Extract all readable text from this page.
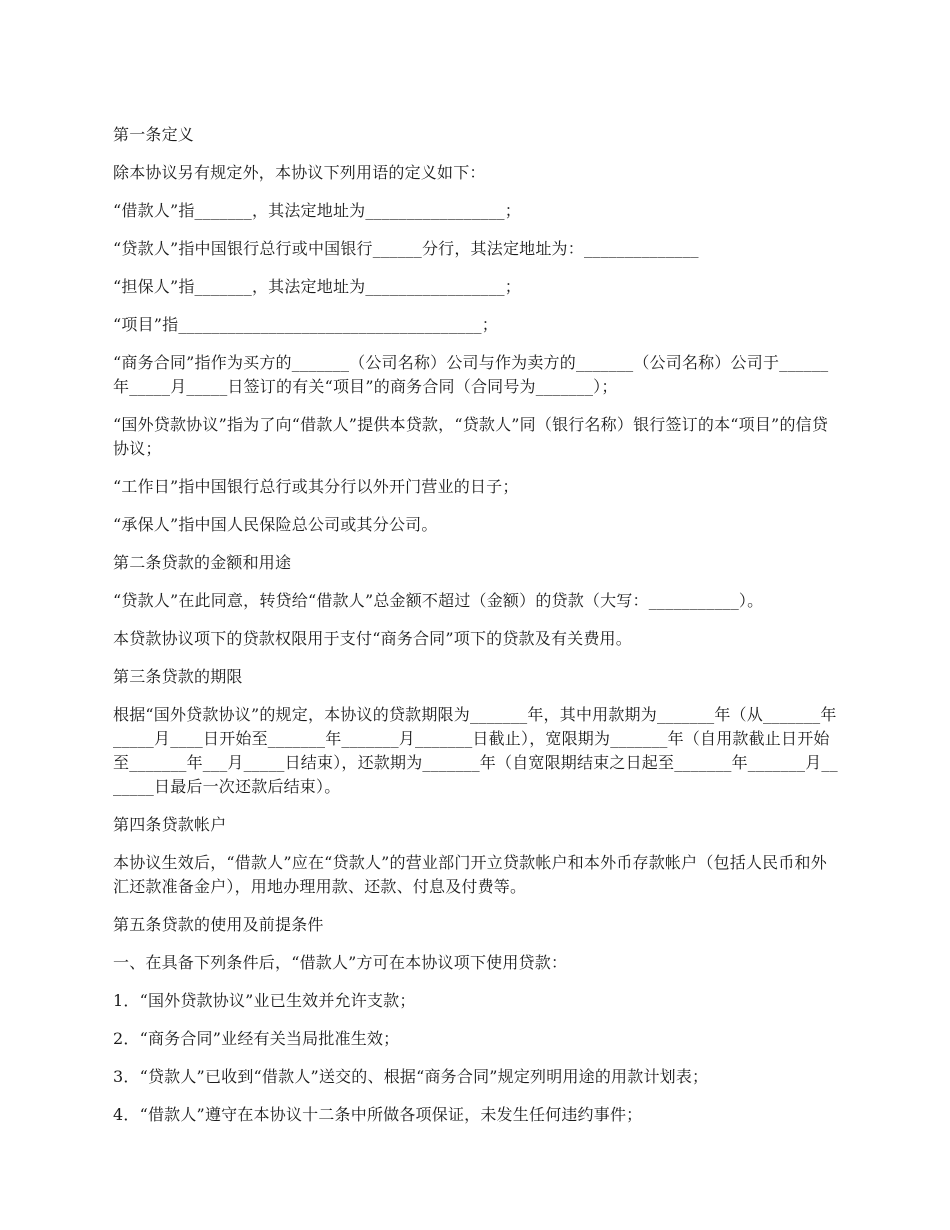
第一条定义

除本协议另有规定外，本协议下列用语的定义如下：

“借款人”指_______，其法定地址为_________________；

“贷款人”指中国银行总行或中国银行______分行，其法定地址为：______________

“担保人”指_______，其法定地址为_________________；

“项目”指_____________________________________；

“商务合同”指作为买方的_______（公司名称）公司与作为卖方的_______（公司名称）公司于______年_____月_____日签订的有关“项目”的商务合同（合同号为_______）；

“国外贷款协议”指为了向“借款人”提供本贷款，“贷款人”同（银行名称）银行签订的本“项目”的信贷协议；

“工作日”指中国银行总行或其分行以外开门营业的日子；

“承保人”指中国人民保险总公司或其分公司。

第二条贷款的金额和用途

“贷款人”在此同意，转贷给“借款人”总金额不超过（金额）的贷款（大写：___________）。

本贷款协议项下的贷款权限用于支付“商务合同”项下的贷款及有关费用。

第三条贷款的期限

根据“国外贷款协议”的规定，本协议的贷款期限为_______年，其中用款期为_______年（从_______年_____月____日开始至_______年_______月_______日截止），宽限期为_______年（自用款截止日开始至_______年___月_____日结束），还款期为_______年（自宽限期结束之日起至_______年_______月_______日最后一次还款后结束）。

第四条贷款帐户

本协议生效后，“借款人”应在“贷款人”的营业部门开立贷款帐户和本外币存款帐户（包括人民币和外汇还款准备金户），用地办理用款、还款、付息及付费等。

第五条贷款的使用及前提条件

一、在具备下列条件后，“借款人”方可在本协议项下使用贷款：

1．“国外贷款协议”业已生效并允许支款；

2．“商务合同”业经有关当局批准生效；

3．“贷款人”已收到“借款人”送交的、根据“商务合同”规定列明用途的用款计划表；

4．“借款人”遵守在本协议十二条中所做各项保证，未发生任何违约事件；
